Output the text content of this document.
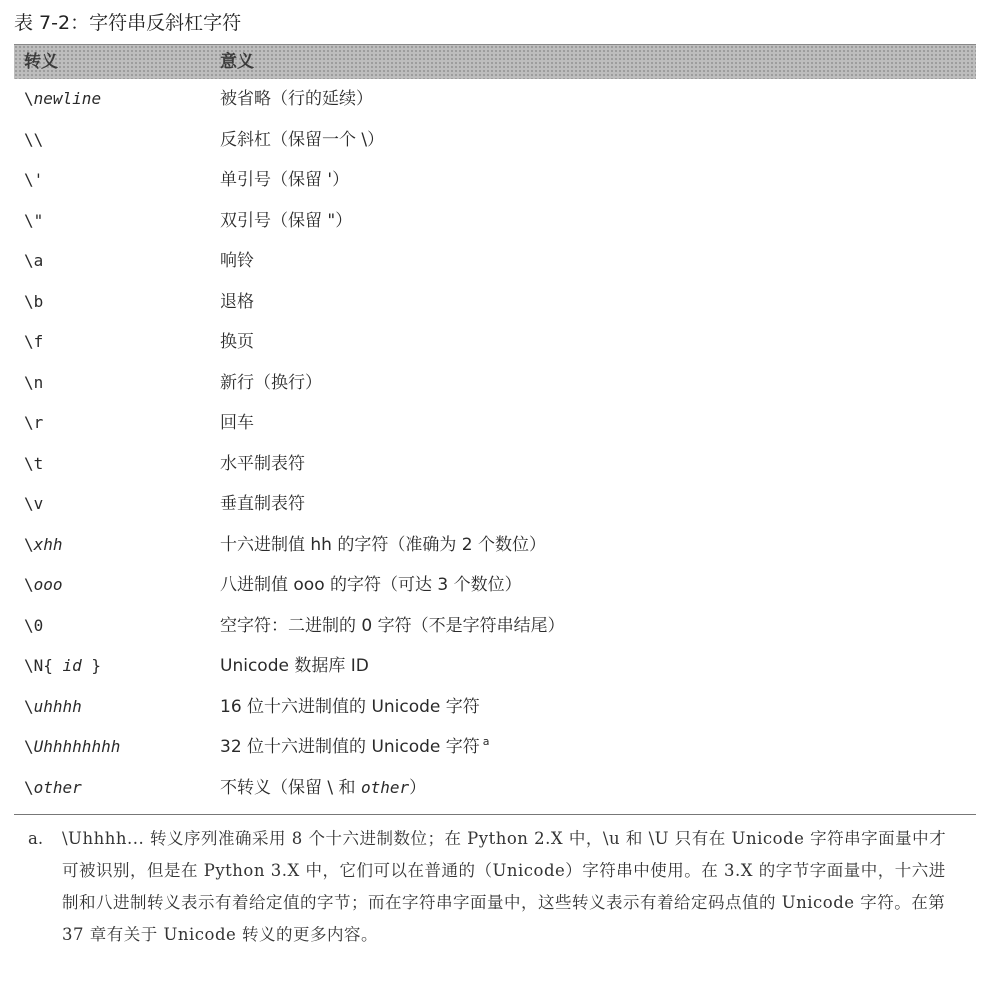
表 7-2：字符串反斜杠字符
转义	意义
\newline	被省略（行的延续）
\\	反斜杠（保留一个 \）
\'	单引号（保留 '）
\"	双引号（保留 "）
\a	响铃
\b	退格
\f	换页
\n	新行（换行）
\r	回车
\t	水平制表符
\v	垂直制表符
\xhh	十六进制值 hh 的字符（准确为 2 个数位）
\ooo	八进制值 ooo 的字符（可达 3 个数位）
\0	空字符：二进制的 0 字符（不是字符串结尾）
\N{ id }	Unicode 数据库 ID
\uhhhh	16 位十六进制值的 Unicode 字符
\Uhhhhhhhh	32 位十六进制值的 Unicode 字符 $^a$
\other	不转义（保留 \ 和 other）
a.	\Uhhhh... 转义序列准确采用 8 个十六进制数位；在 Python 2.X 中，\u 和 \U 只有在 Unicode 字符串字面量中才可被识别，但是在 Python 3.X 中，它们可以在普通的（Unicode）字符串中使用。在 3.X 的字节字面量中，十六进制和八进制转义表示有着给定值的字节；而在字符串字面量中，这些转义表示有着给定码点值的 Unicode 字符。在第 37 章有关于 Unicode 转义的更多内容。
